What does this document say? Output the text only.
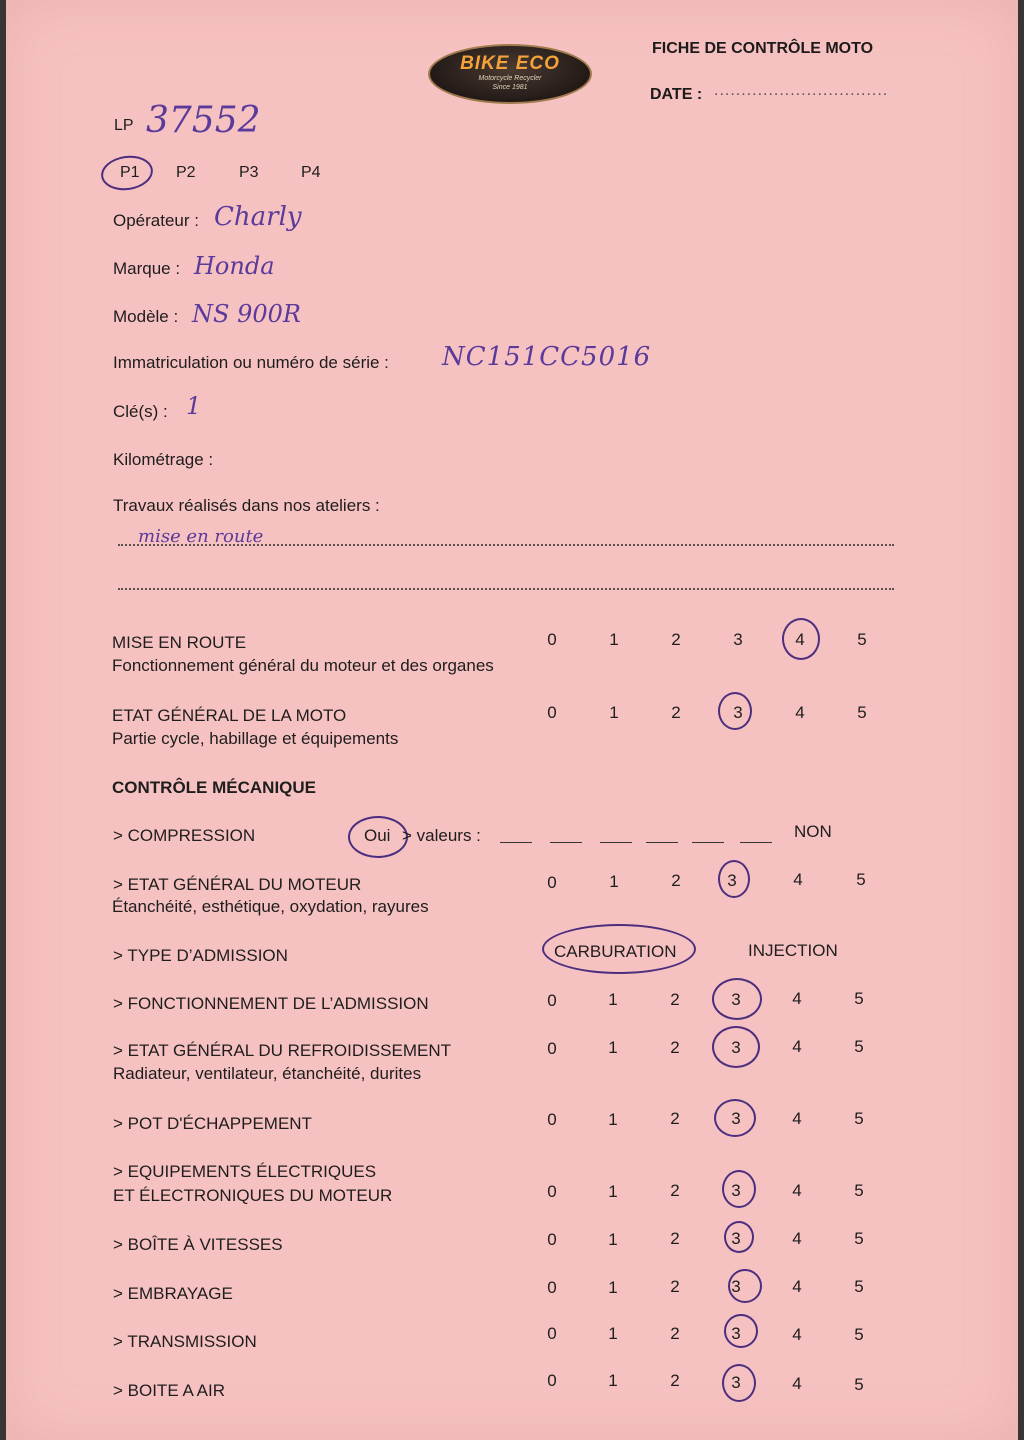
BIKE ECO
Motorcycle Recycler
Since 1981
FICHE DE CONTRÔLE MOTO
DATE : ................................
LP 37552
P1 P2	P3	P4
Opérateur : Charly
Marque : Honda
Modèle : NS 900R
Immatriculation ou numéro de série : NC151CC5016
Clé(s) : 1
Kilométrage :
Travaux réalisés dans nos ateliers :
mise en route
MISE EN ROUTE
Fonctionnement général du moteur et des organes
0	1	2	3	4	5
ETAT GÉNÉRAL DE LA MOTO
Partie cycle, habillage et équipements
0	1	2	3	4	5
CONTRÔLE MÉCANIQUE
> COMPRESSION	Oui > valeurs :	NON
> ETAT GÉNÉRAL DU MOTEUR
Étanchéité, esthétique, oxydation, rayures
0	1	2	3	4	5
> TYPE D’ADMISSION	CARBURATION	INJECTION
> FONCTIONNEMENT DE L’ADMISSION	0	1	2	3	4	5
> ETAT GÉNÉRAL DU REFROIDISSEMENT
Radiateur, ventilateur, étanchéité, durites
0	1	2	3	4	5
> POT D'ÉCHAPPEMENT	0	1	2	3	4	5
> EQUIPEMENTS ÉLECTRIQUES
ET ÉLECTRONIQUES DU MOTEUR	0	1	2	3	4	5
> BOÎTE À VITESSES	0	1	2	3	4	5
> EMBRAYAGE	0	1	2	3	4	5
> TRANSMISSION	0	1	2	3	4	5
> BOITE A AIR
0	1	2	3	4	5
